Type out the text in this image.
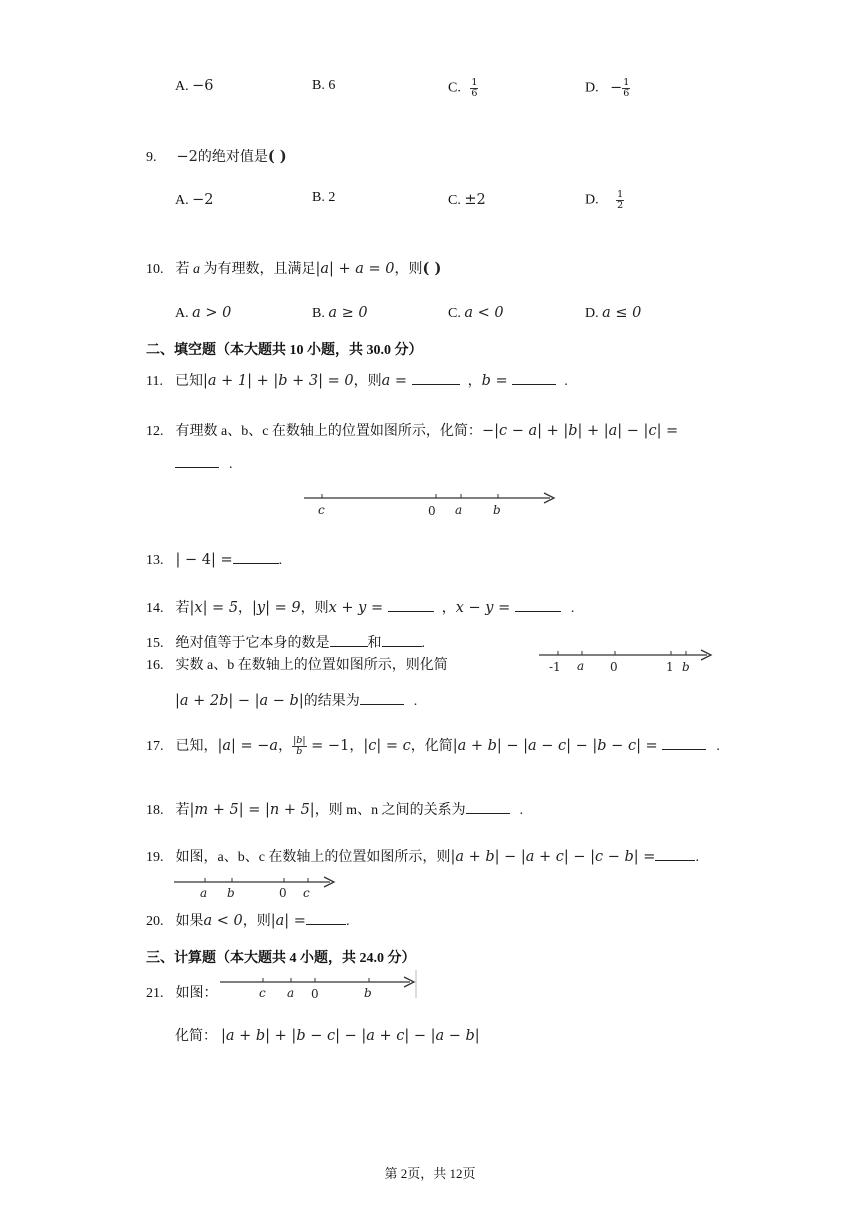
A. −6	B. 6	C. $\frac{1}{6}$	D. − $\frac{1}{6}$
9. −2的绝对值是( )
A. −2	B. 2	C. ±2	D. $\frac{1}{2}$
10. 若 a 为有理数，且满足|a| + a = 0，则( )
A. a > 0	B. a ≥ 0	C. a < 0	D. a ≤ 0
二、填空题（本大题共 10 小题，共 30.0 分）
11. 已知|a + 1| + |b + 3| = 0，则a =	，b =	.
12. 有理数 a、b、c 在数轴上的位置如图所示，化简：−|c − a| + |b| + |a| − |c| =
.
c	0 a	b
13. | − 4| =	.
14. 若|x| = 5，|y| = 9，则x + y =	，x − y =	.
15. 绝对值等于它本身的数是	和	.
16. 实数 a、b 在数轴上的位置如图所示，则化简
|a + 2b| − |a − b|的结果为	.
-1 a 0	1 b
17. 已知，|a| = −a， $\frac{|b|}{b} = -1$，|c| = c，化简|a + b| − |a − c| − |b − c| =	.
18. 若|m + 5| = |n + 5|，则 m、n 之间的关系为	.
19. 如图，a、b、c 在数轴上的位置如图所示，则|a + b| − |a + c| − |c − b| =	.
a b	0 c
20. 如果a < 0，则|a| =	.
三、计算题（本大题共 4 小题，共 24.0 分）
21. 如图：	c a 0	b
化简： |a + b| + |b − c| − |a + c| − |a − b|
第 2页，共 12页
